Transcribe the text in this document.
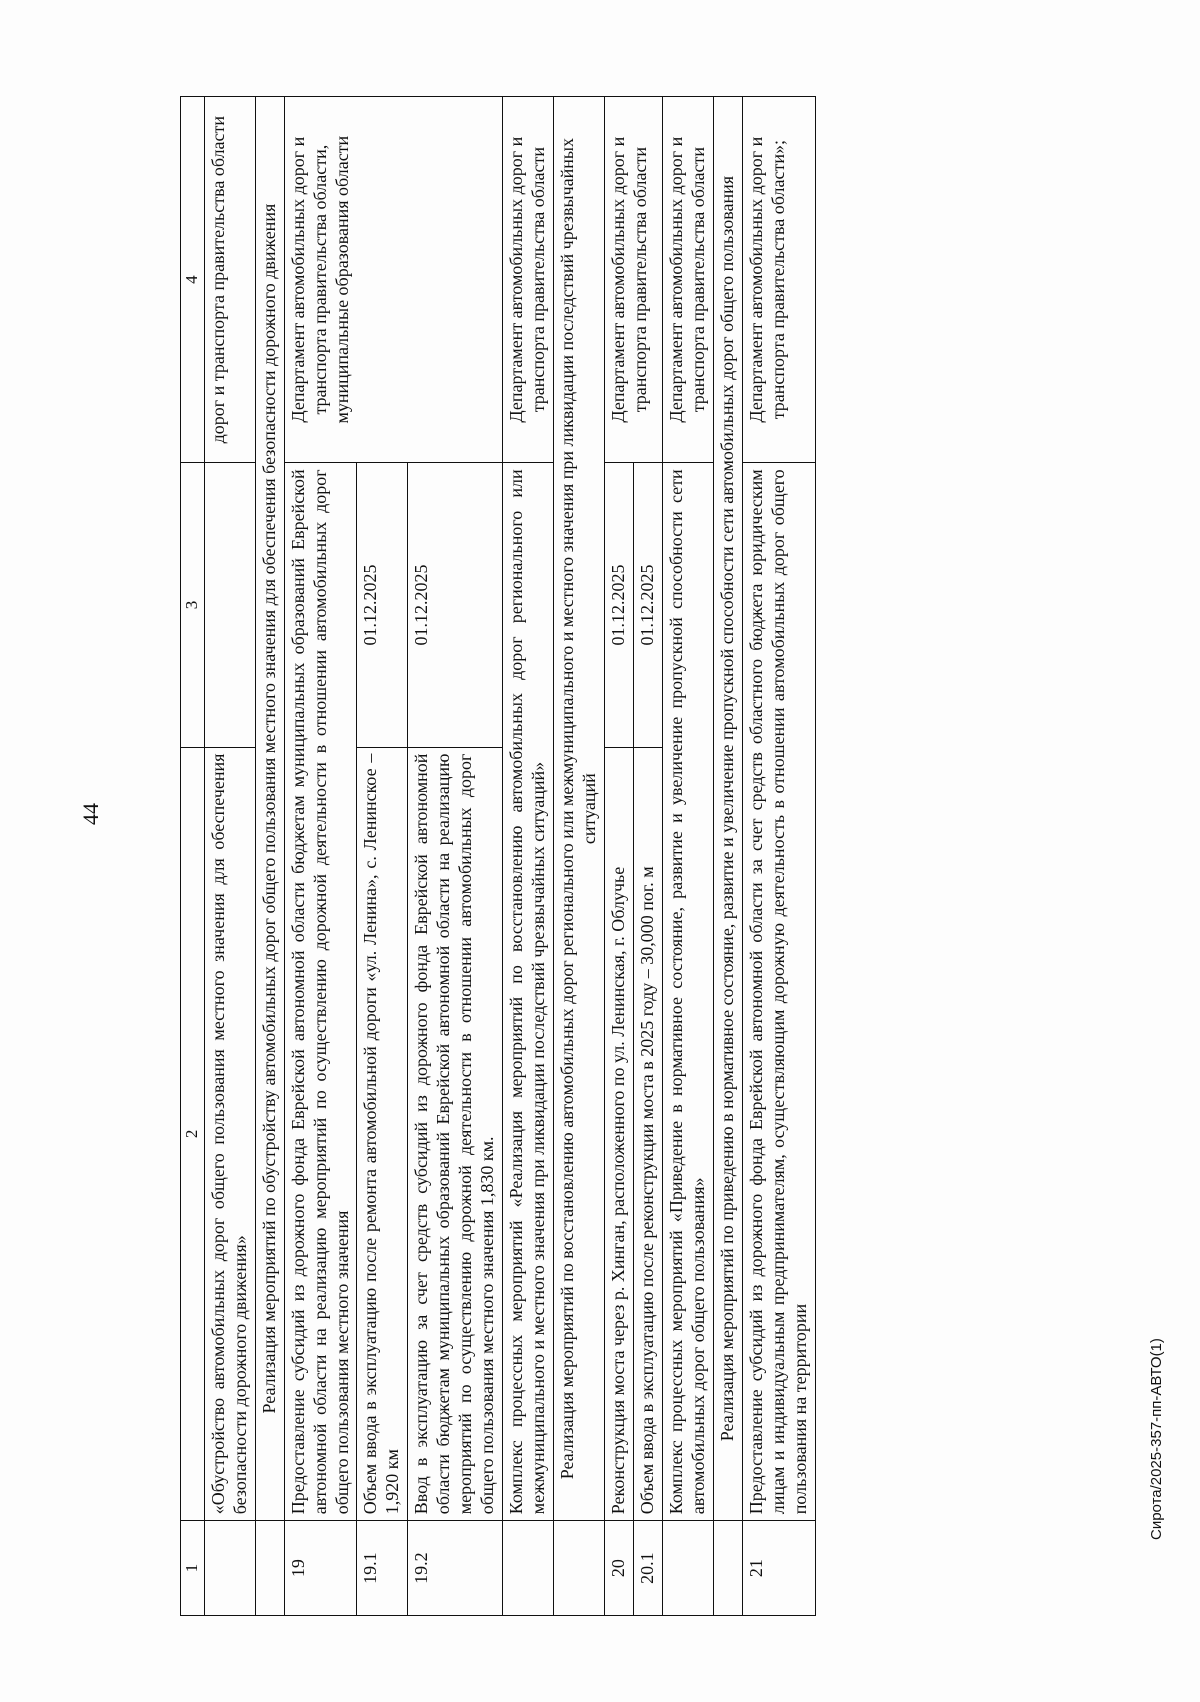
44
1	2	3	4
	«Обустройство автомобильных дорог общего пользования местного значения для обеспечения безопасности дорожного движения»		дорог и транспорта правительства области
	Реализация мероприятий по обустройству автомобильных дорог общего пользования местного значения для обеспечения безопасности дорожного движения		
19	Предоставление субсидий из дорожного фонда Еврейской автономной области бюджетам муниципальных образований Еврейской автономной области на реализацию мероприятий по осуществлению дорожной деятельности в отношении автомобильных дорог общего пользования местного значения		Департамент автомобильных дорог и транспорта правительства области, муниципальные образования области
19.1	Объем ввода в эксплуатацию после ремонта автомобильной дороги «ул. Ленина», с. Ленинское – 1,920 км	01.12.2025	
19.2	Ввод в эксплуатацию за счет средств субсидий из дорожного фонда Еврейской автономной области бюджетам муниципальных образований Еврейской автономной области на реализацию мероприятий по осуществлению дорожной деятельности в отношении автомобильных дорог общего пользования местного значения 1,830 км.	01.12.2025	
	Комплекс процессных мероприятий «Реализация мероприятий по восстановлению автомобильных дорог регионального или межмуниципального и местного значения при ликвидации последствий чрезвычайных ситуаций»		Департамент автомобильных дорог и транспорта правительства области
	Реализация мероприятий по восстановлению автомобильных дорог регионального или межмуниципального и местного значения при ликвидации последствий чрезвычайных ситуаций		
20	Реконструкция моста через р. Хинган, расположенного по ул. Ленинская, г. Облучье	01.12.2025	Департамент автомобильных дорог и транспорта правительства области
20.1	Объем ввода в эксплуатацию после реконструкции моста в 2025 году – 30,000 пог. м	01.12.2025	
	Комплекс процессных мероприятий «Приведение в нормативное состояние, развитие и увеличение пропускной способности сети автомобильных дорог общего пользования»		Департамент автомобильных дорог и транспорта правительства области
	Реализация мероприятий по приведению в нормативное состояние, развитие и увеличение пропускной способности сети автомобильных дорог общего пользования		
21	Предоставление субсидий из дорожного фонда Еврейской автономной области за счет средств областного бюджета юридическим лицам и индивидуальным предпринимателям, осуществляющим дорожную деятельность в отношении автомобильных дорог общего пользования на территории		Департамент автомобильных дорог и транспорта правительства области»;
Сирота/2025-357-пп-АВТО(1)
